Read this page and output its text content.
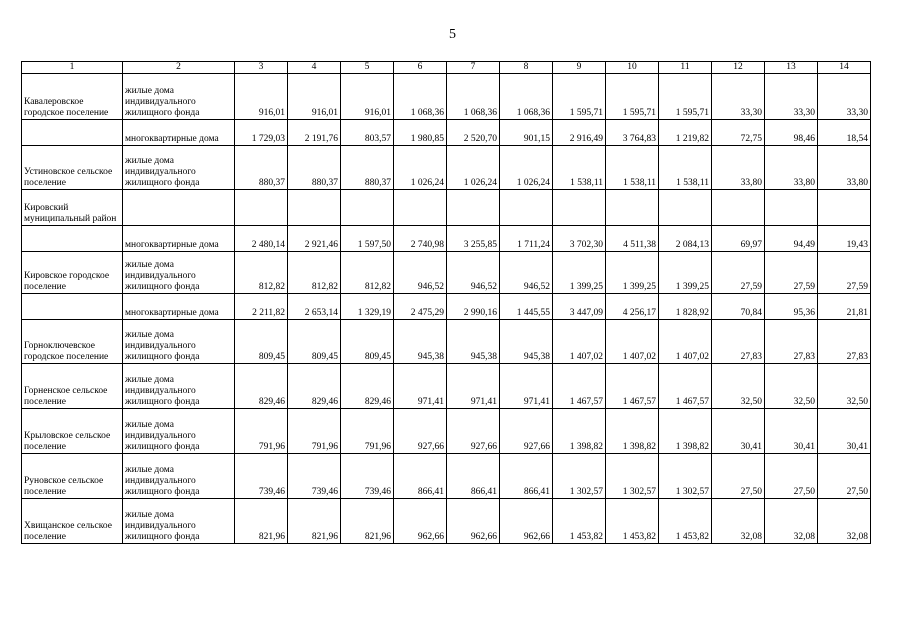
5
1	2	3	4	5	6	7	8	9	10	11	12	13	14
Кавалеровское городское поселение	жилые дома индивидуального жилищного фонда	916,01	916,01	916,01	1 068,36	1 068,36	1 068,36	1 595,71	1 595,71	1 595,71	33,30	33,30	33,30
	многоквартирные дома	1 729,03	2 191,76	803,57	1 980,85	2 520,70	901,15	2 916,49	3 764,83	1 219,82	72,75	98,46	18,54
Устиновское сельское поселение	жилые дома индивидуального жилищного фонда	880,37	880,37	880,37	1 026,24	1 026,24	1 026,24	1 538,11	1 538,11	1 538,11	33,80	33,80	33,80
Кировский муниципальный район													
	многоквартирные дома	2 480,14	2 921,46	1 597,50	2 740,98	3 255,85	1 711,24	3 702,30	4 511,38	2 084,13	69,97	94,49	19,43
Кировское городское поселение	жилые дома индивидуального жилищного фонда	812,82	812,82	812,82	946,52	946,52	946,52	1 399,25	1 399,25	1 399,25	27,59	27,59	27,59
	многоквартирные дома	2 211,82	2 653,14	1 329,19	2 475,29	2 990,16	1 445,55	3 447,09	4 256,17	1 828,92	70,84	95,36	21,81
Горноключевское городское поселение	жилые дома индивидуального жилищного фонда	809,45	809,45	809,45	945,38	945,38	945,38	1 407,02	1 407,02	1 407,02	27,83	27,83	27,83
Горненское сельское поселение	жилые дома индивидуального жилищного фонда	829,46	829,46	829,46	971,41	971,41	971,41	1 467,57	1 467,57	1 467,57	32,50	32,50	32,50
Крыловское сельское поселение	жилые дома индивидуального жилищного фонда	791,96	791,96	791,96	927,66	927,66	927,66	1 398,82	1 398,82	1 398,82	30,41	30,41	30,41
Руновское сельское поселение	жилые дома индивидуального жилищного фонда	739,46	739,46	739,46	866,41	866,41	866,41	1 302,57	1 302,57	1 302,57	27,50	27,50	27,50
Хвищанское сельское поселение	жилые дома индивидуального жилищного фонда	821,96	821,96	821,96	962,66	962,66	962,66	1 453,82	1 453,82	1 453,82	32,08	32,08	32,08
